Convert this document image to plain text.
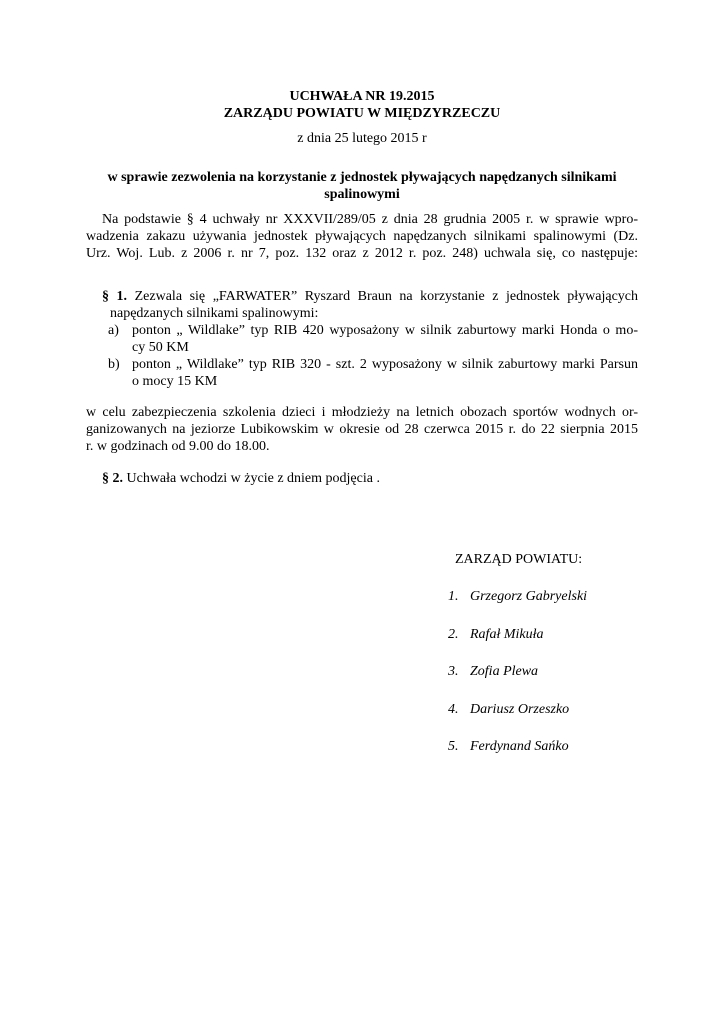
UCHWAŁA NR 19.2015
ZARZĄDU POWIATU W MIĘDZYRZECZU
z dnia 25 lutego 2015 r
w sprawie zezwolenia na korzystanie z jednostek pływających napędzanych silnikami
spalinowymi
Na podstawie § 4 uchwały nr XXXVII/289/05 z dnia 28 grudnia 2005 r. w sprawie wpro-
wadzenia zakazu używania jednostek pływających napędzanych silnikami spalinowymi (Dz.
Urz. Woj. Lub. z 2006 r. nr 7, poz. 132 oraz z 2012 r. poz. 248) uchwala się, co następuje:
§ 1. Zezwala się „FARWATER” Ryszard Braun na korzystanie z jednostek pływających
napędzanych silnikami spalinowymi:
a) ponton „ Wildlake” typ RIB 420 wyposażony w silnik zaburtowy marki Honda o mo-
cy 50 KM
b) ponton „ Wildlake” typ RIB 320 - szt. 2 wyposażony w silnik zaburtowy marki Parsun
o mocy 15 KM
w celu zabezpieczenia szkolenia dzieci i młodzieży na letnich obozach sportów wodnych or-
ganizowanych na jeziorze Lubikowskim w okresie od 28 czerwca 2015 r. do 22 sierpnia 2015
r. w godzinach od 9.00 do 18.00.
§ 2. Uchwała wchodzi w życie z dniem podjęcia .
ZARZĄD POWIATU:
1. Grzegorz Gabryelski
2. Rafał Mikuła
3. Zofia Plewa
4. Dariusz Orzeszko
5. Ferdynand Sańko
